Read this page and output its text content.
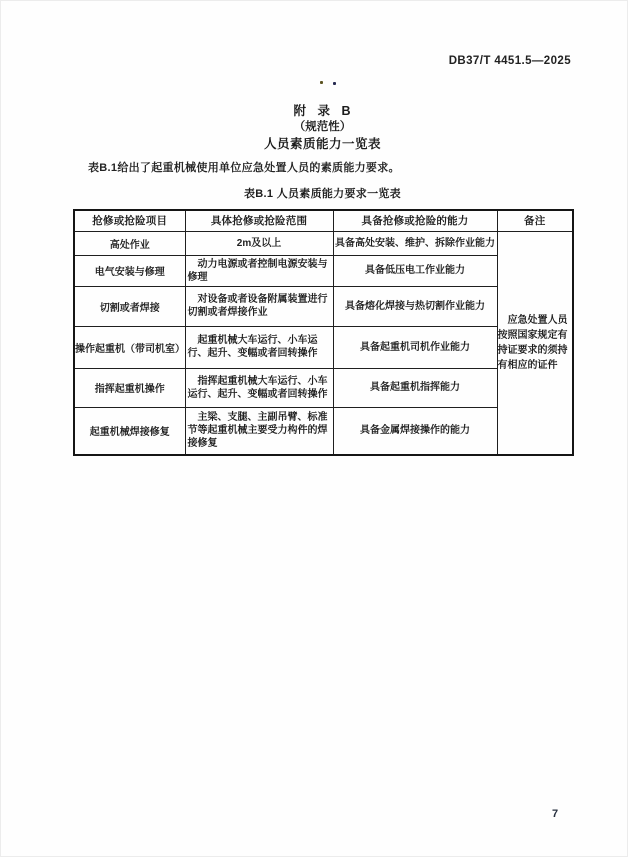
DB37/T 4451.5—2025
附 录 B
（规范性）
人员素质能力一览表

表B.1给出了起重机械使用单位应急处置人员的素质能力要求。

表B.1 人员素质能力要求一览表
抢修或抢险项目	具体抢修或抢险范围	具备抢修或抢险的能力	备注
高处作业	2m及以上	具备高处安装、维护、拆除作业能力	应急处置人员按照国家规定有持证要求的须持有相应的证件
电气安装与修理	动力电源或者控制电源安装与修理	具备低压电工作业能力	
切割或者焊接	对设备或者设备附属装置进行切割或者焊接作业	具备熔化焊接与热切割作业能力	
操作起重机（带司机室）	起重机械大车运行、小车运行、起升、变幅或者回转操作	具备起重机司机作业能力	
指挥起重机操作	指挥起重机械大车运行、小车运行、起升、变幅或者回转操作	具备起重机指挥能力	
起重机械焊接修复	主梁、支腿、主副吊臂、标准节等起重机械主要受力构件的焊接修复	具备金属焊接操作的能力	
7
